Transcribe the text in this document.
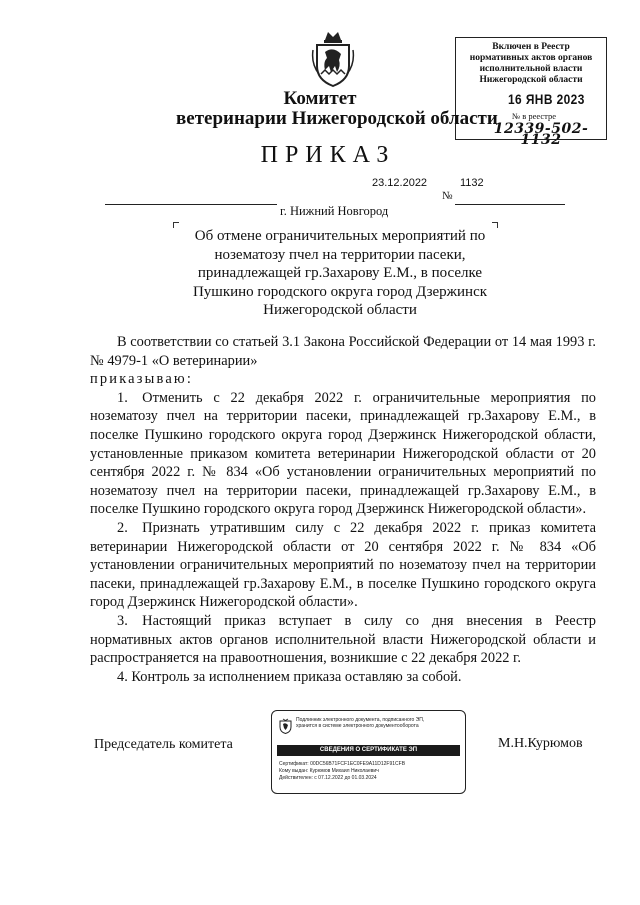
Включен в Реестр
нормативных актов органов
исполнительной власти
Нижегородской области
16 ЯНВ 2023
№ в реестре
12339-502-1132
Комитет
ветеринарии Нижегородской области
ПРИКАЗ
23.12.2022	1132
№
г. Нижний Новгород
Об отмене ограничительных мероприятий по
нозематозу пчел на территории пасеки,
принадлежащей гр.Захарову Е.М., в поселке
Пушкино городского округа город Дзержинск
Нижегородской области

В соответствии со статьей 3.1 Закона Российской Федерации от 14 мая 1993 г. № 4979-1 «О ветеринарии»

приказываю:

1. Отменить с 22 декабря 2022 г. ограничительные мероприятия по нозематозу пчел на территории пасеки, принадлежащей гр.Захарову Е.М., в поселке Пушкино городского округа город Дзержинск Нижегородской области, установленные приказом комитета ветеринарии Нижегородской области от 20 сентября 2022 г. № 834 «Об установлении ограничительных мероприятий по нозематозу пчел на территории пасеки, принадлежащей гр.Захарову Е.М., в поселке Пушкино городского округа город Дзержинск Нижегородской области».

2. Признать утратившим силу с 22 декабря 2022 г. приказ комитета ветеринарии Нижегородской области от 20 сентября 2022 г. № 834 «Об установлении ограничительных мероприятий по нозематозу пчел на территории пасеки, принадлежащей гр.Захарову Е.М., в поселке Пушкино городского округа город Дзержинск Нижегородской области».

3. Настоящий приказ вступает в силу со дня внесения в Реестр нормативных актов органов исполнительной власти Нижегородской области и распространяется на правоотношения, возникшие с 22 декабря 2022 г.

4. Контроль за исполнением приказа оставляю за собой.

Председатель комитета
Подлинник электронного документа, подписанного ЭП,
хранится в системе электронного документооборота
СВЕДЕНИЯ О СЕРТИФИКАТЕ ЭП
Сертификат: 00DC56B71FCF1EC0FE9A11D12F91CFB
Кому выдан: Курюмов Михаил Николаевич
Действителен: с 07.12.2022 до 01.03.2024
М.Н.Курюмов
